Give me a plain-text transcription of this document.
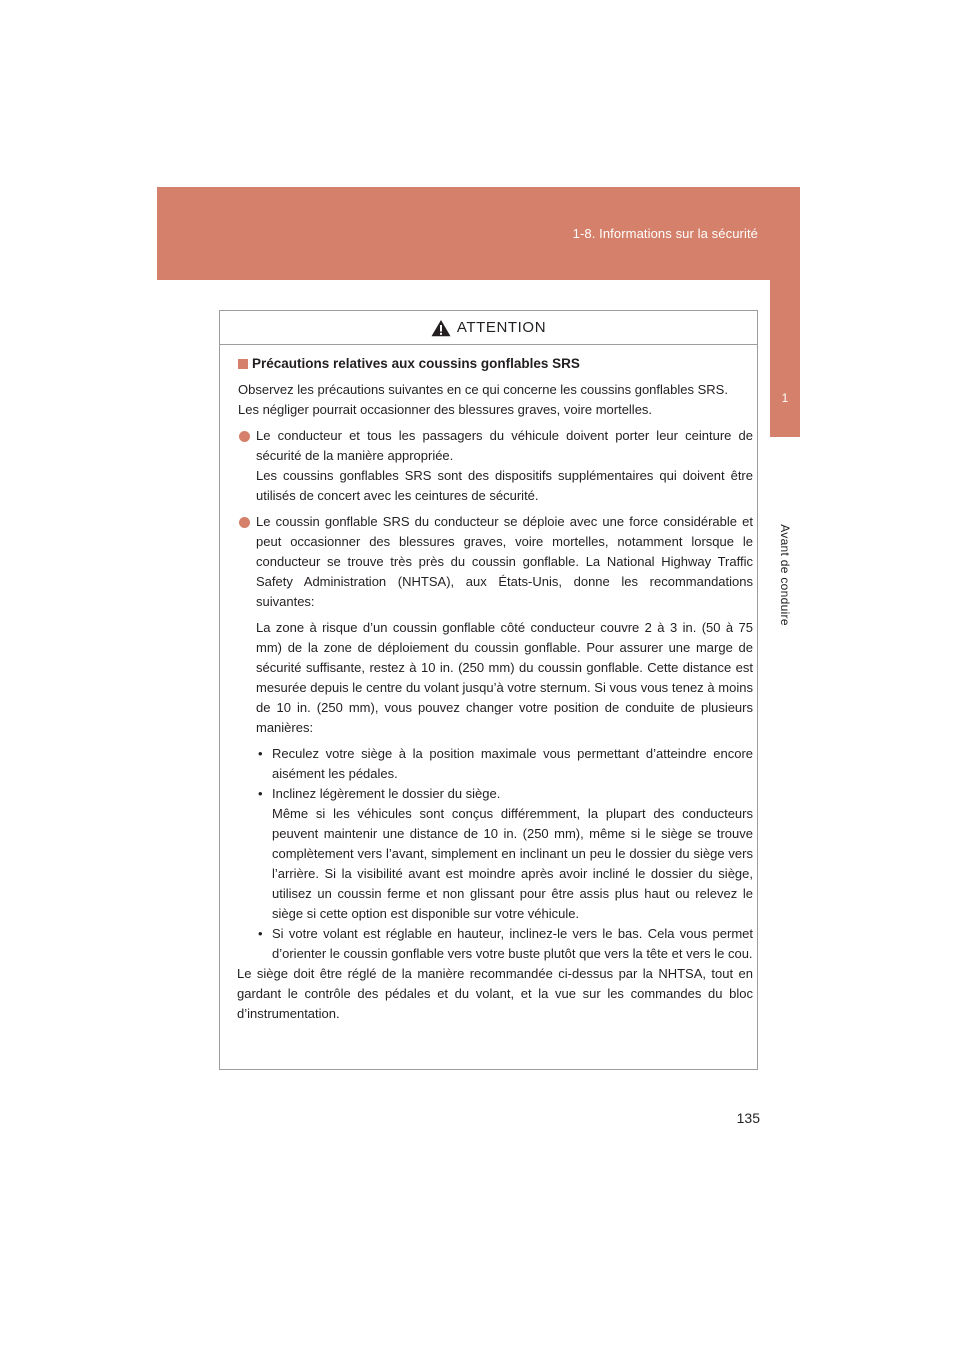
1-8. Informations sur la sécurité
1
Avant de conduire
ATTENTION
Précautions relatives aux coussins gonflables SRS

Observez les précautions suivantes en ce qui concerne les coussins gonflables SRS.

Les négliger pourrait occasionner des blessures graves, voire mortelles.

Le conducteur et tous les passagers du véhicule doivent porter leur ceinture de sécurité de la manière appropriée.

Les coussins gonflables SRS sont des dispositifs supplémentaires qui doivent être utilisés de concert avec les ceintures de sécurité.

Le coussin gonflable SRS du conducteur se déploie avec une force considérable et peut occasionner des blessures graves, voire mortelles, notamment lorsque le conducteur se trouve très près du coussin gonflable. La National Highway Traffic Safety Administration (NHTSA), aux États-Unis, donne les recommandations suivantes:

La zone à risque d’un coussin gonflable côté conducteur couvre 2 à 3 in. (50 à 75 mm) de la zone de déploiement du coussin gonflable. Pour assurer une marge de sécurité suffisante, restez à 10 in. (250 mm) du coussin gonflable. Cette distance est mesurée depuis le centre du volant jusqu’à votre sternum. Si vous vous tenez à moins de 10 in. (250 mm), vous pouvez changer votre position de conduite de plusieurs manières:

• Reculez votre siège à la position maximale vous permettant d’atteindre encore aisément les pédales.
• Inclinez légèrement le dossier du siège.

Même si les véhicules sont conçus différemment, la plupart des conducteurs peuvent maintenir une distance de 10 in. (250 mm), même si le siège se trouve complètement vers l’avant, simplement en inclinant un peu le dossier du siège vers l’arrière. Si la visibilité avant est moindre après avoir incliné le dossier du siège, utilisez un coussin ferme et non glissant pour être assis plus haut ou relevez le siège si cette option est disponible sur votre véhicule.

• Si votre volant est réglable en hauteur, inclinez-le vers le bas. Cela vous permet d’orienter le coussin gonflable vers votre buste plutôt que vers la tête et vers le cou.

Le siège doit être réglé de la manière recommandée ci-dessus par la NHTSA, tout en gardant le contrôle des pédales et du volant, et la vue sur les commandes du bloc d’instrumentation.

135
